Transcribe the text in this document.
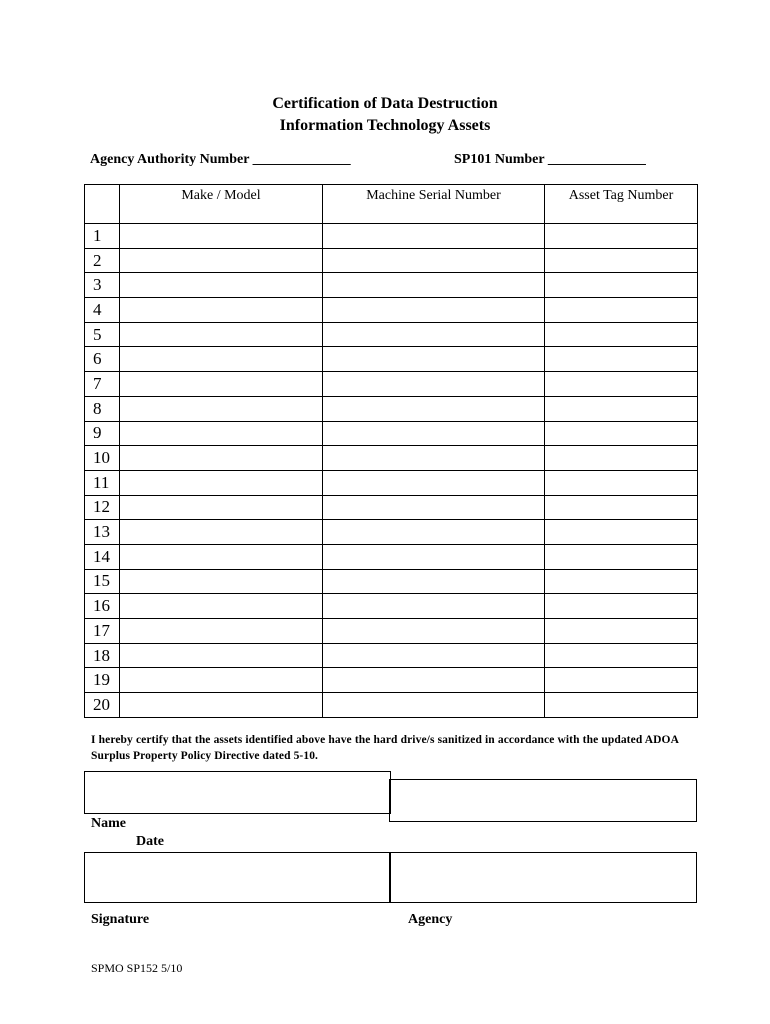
Certification of Data Destruction
Information Technology Assets
Agency Authority Number ______________	SP101 Number ______________
	Make / Model	Machine Serial Number	Asset Tag Number
1			
2			
3			
4			
5			
6			
7			
8			
9			
10			
11			
12			
13			
14			
15			
16			
17			
18			
19			
20			
I hereby certify that the assets identified above have the hard drive/s sanitized in accordance with the updated ADOA Surplus Property Policy Directive dated 5-10.
Name
Date
Signature	Agency
SPMO SP152 5/10
